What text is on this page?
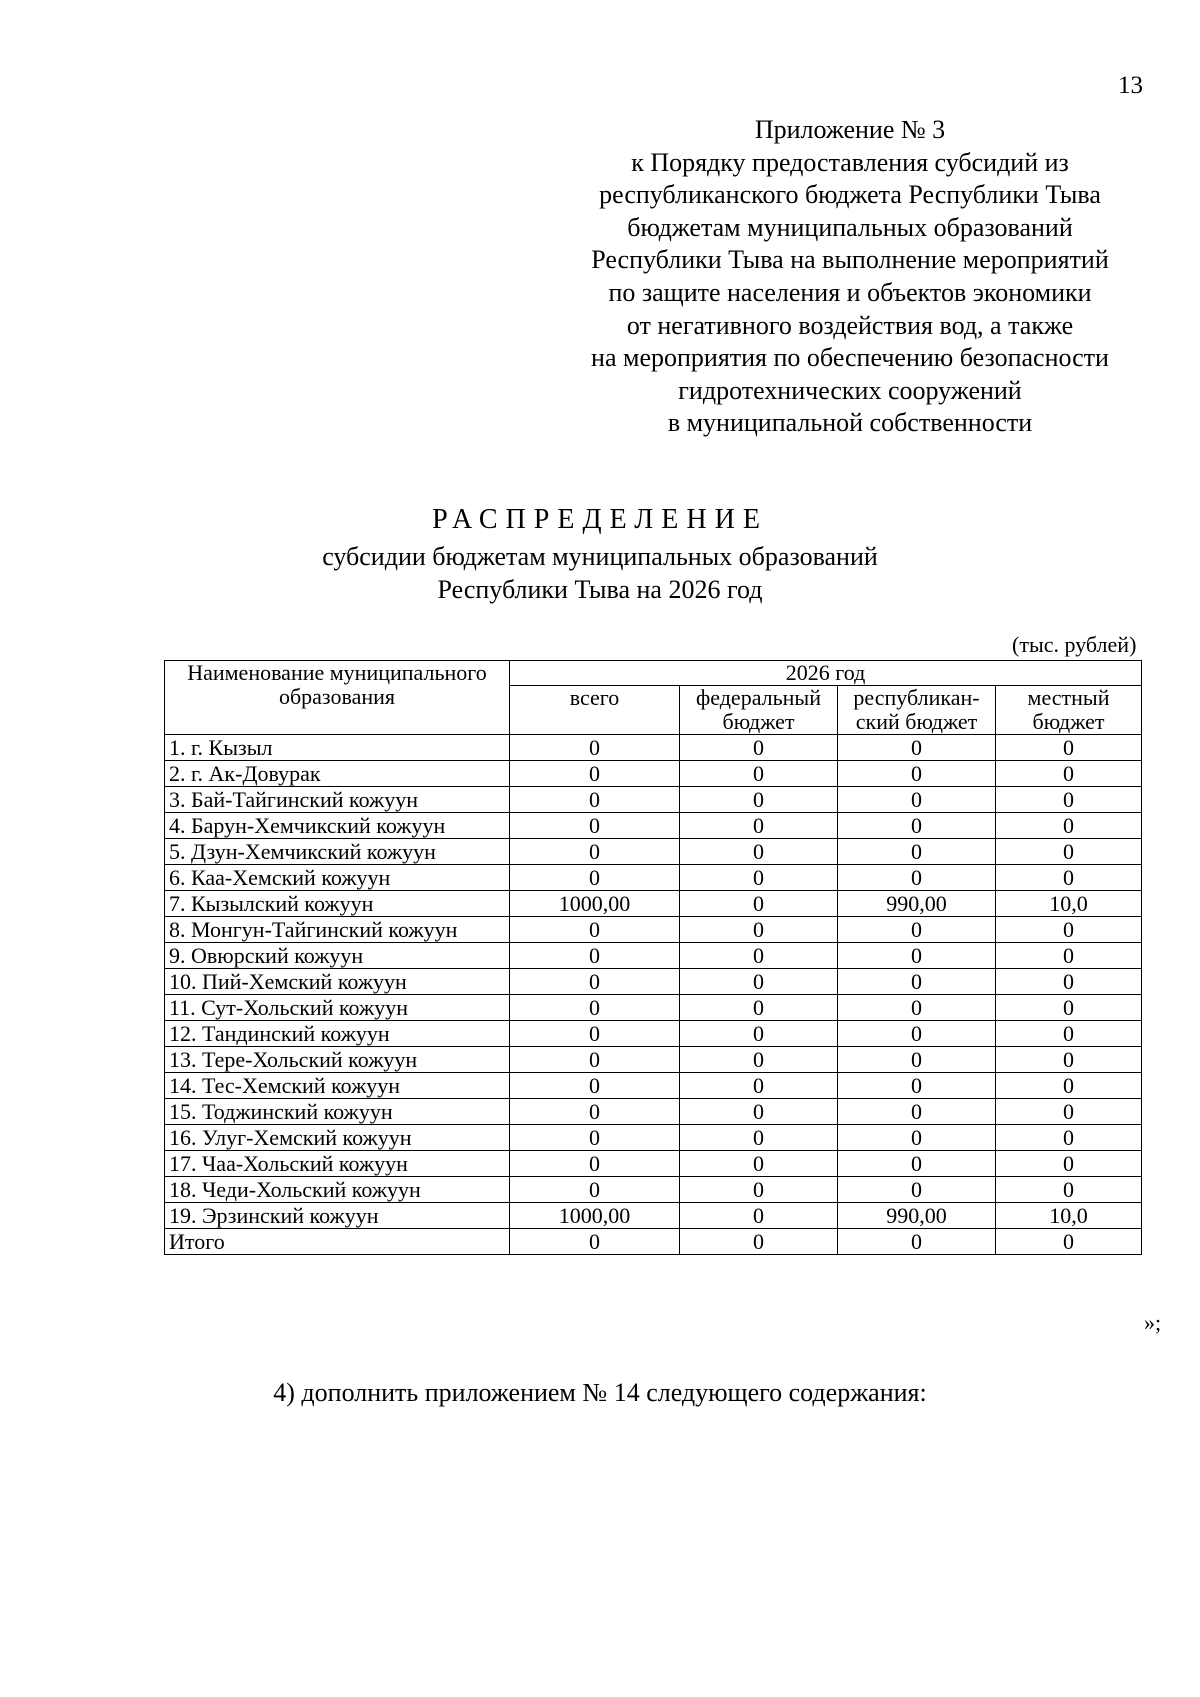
13
Приложение № 3
к Порядку предоставления субсидий из
республиканского бюджета Республики Тыва
бюджетам муниципальных образований
Республики Тыва на выполнение мероприятий
по защите населения и объектов экономики
от негативного воздействия вод, а также
на мероприятия по обеспечению безопасности
гидротехнических сооружений
в муниципальной собственности
РАСПРЕДЕЛЕНИЕ
субсидии бюджетам муниципальных образований
Республики Тыва на 2026 год
(тыс. рублей)
Наименование муниципального образования	2026 год			
	всего	федеральный бюджет	республикан-ский бюджет	местный бюджет
1. г. Кызыл	0	0	0	0
2. г. Ак-Довурак	0	0	0	0
3. Бай-Тайгинский кожуун	0	0	0	0
4. Барун-Хемчикский кожуун	0	0	0	0
5. Дзун-Хемчикский кожуун	0	0	0	0
6. Каа-Хемский кожуун	0	0	0	0
7. Кызылский кожуун	1000,00	0	990,00	10,0
8. Монгун-Тайгинский кожуун	0	0	0	0
9. Овюрский кожуун	0	0	0	0
10. Пий-Хемский кожуун	0	0	0	0
11. Сут-Хольский кожуун	0	0	0	0
12. Тандинский кожуун	0	0	0	0
13. Тере-Хольский кожуун	0	0	0	0
14. Тес-Хемский кожуун	0	0	0	0
15. Тоджинский кожуун	0	0	0	0
16. Улуг-Хемский кожуун	0	0	0	0
17. Чаа-Хольский кожуун	0	0	0	0
18. Чеди-Хольский кожуун	0	0	0	0
19. Эрзинский кожуун	1000,00	0	990,00	10,0
Итого	0	0	0	0
»;
4) дополнить приложением № 14 следующего содержания:
